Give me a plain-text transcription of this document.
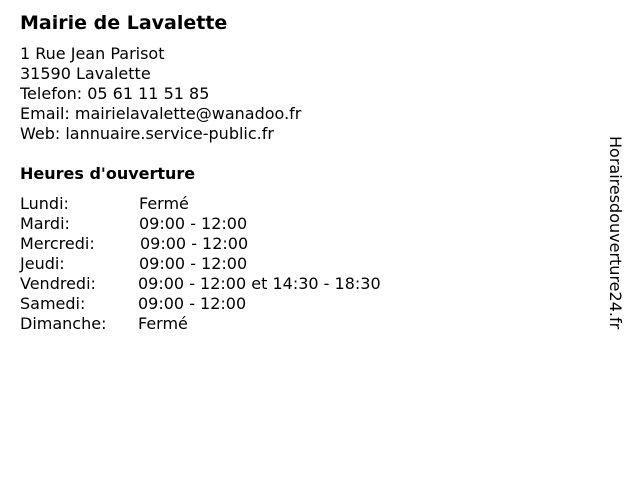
Mairie de Lavalette
1 Rue Jean Parisot
31590 Lavalette
Telefon: 05 61 11 51 85
Email: mairielavalette@wanadoo.fr
Web: lannuaire.service-public.fr
Heures d'ouverture
Lundi:	Fermé
Mardi:	09:00 - 12:00
Mercredi:	09:00 - 12:00
Jeudi:	09:00 - 12:00
Vendredi:	09:00 - 12:00 et 14:30 - 18:30
Samedi:	09:00 - 12:00
Dimanche: Fermé	Horairesdouverture24.fr
